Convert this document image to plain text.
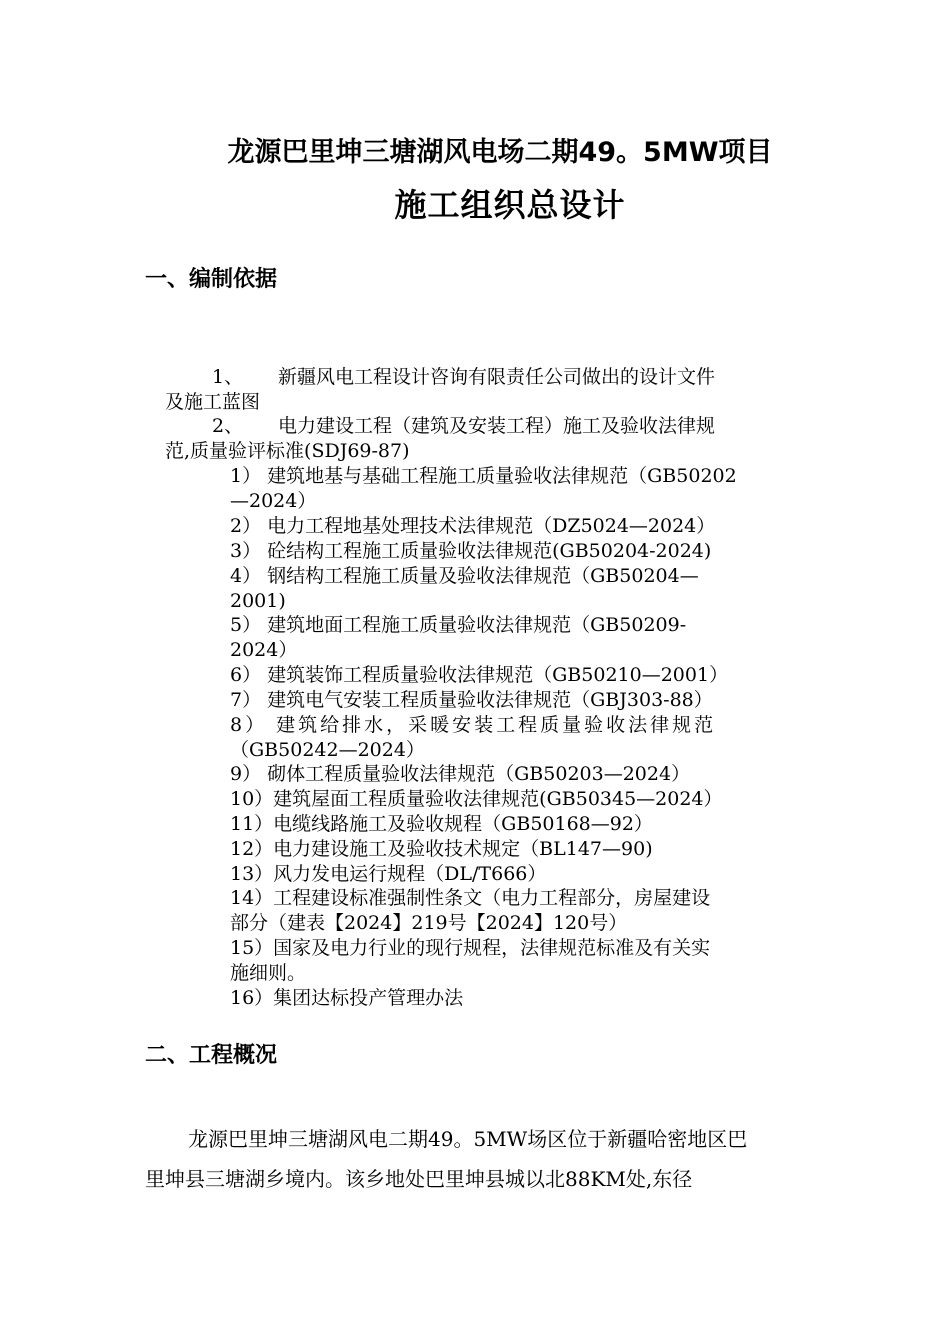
龙源巴里坤三塘湖风电场二期49。5MW项目
施工组织总设计
一、编制依据
1、 新疆风电工程设计咨询有限责任公司做出的设计文件
及施工蓝图
2、 电力建设工程（建筑及安装工程）施工及验收法律规
范,质量验评标准(SDJ69-87)
1） 建筑地基与基础工程施工质量验收法律规范（GB50202
—2024）
2） 电力工程地基处理技术法律规范（DZ5024—2024）
3） 砼结构工程施工质量验收法律规范(GB50204-2024)
4） 钢结构工程施工质量及验收法律规范（GB50204—
2001)
5） 建筑地面工程施工质量验收法律规范（GB50209-
2024）
6） 建筑装饰工程质量验收法律规范（GB50210—2001）
7） 建筑电气安装工程质量验收法律规范（GBJ303-88）
8） 建筑给排水，采暖安装工程质量验收法律规范
（GB50242—2024）
9） 砌体工程质量验收法律规范（GB50203—2024）
10）建筑屋面工程质量验收法律规范(GB50345—2024）
11）电缆线路施工及验收规程（GB50168—92）
12）电力建设施工及验收技术规定（BL147—90)
13）风力发电运行规程（DL/T666）
14）工程建设标准强制性条文（电力工程部分，房屋建设
部分（建表【2024】219号【2024】120号）
15）国家及电力行业的现行规程，法律规范标准及有关实
施细则。
16）集团达标投产管理办法
二、工程概况
龙源巴里坤三塘湖风电二期49。5MW场区位于新疆哈密地区巴
里坤县三塘湖乡境内。该乡地处巴里坤县城以北88KM处,东径
